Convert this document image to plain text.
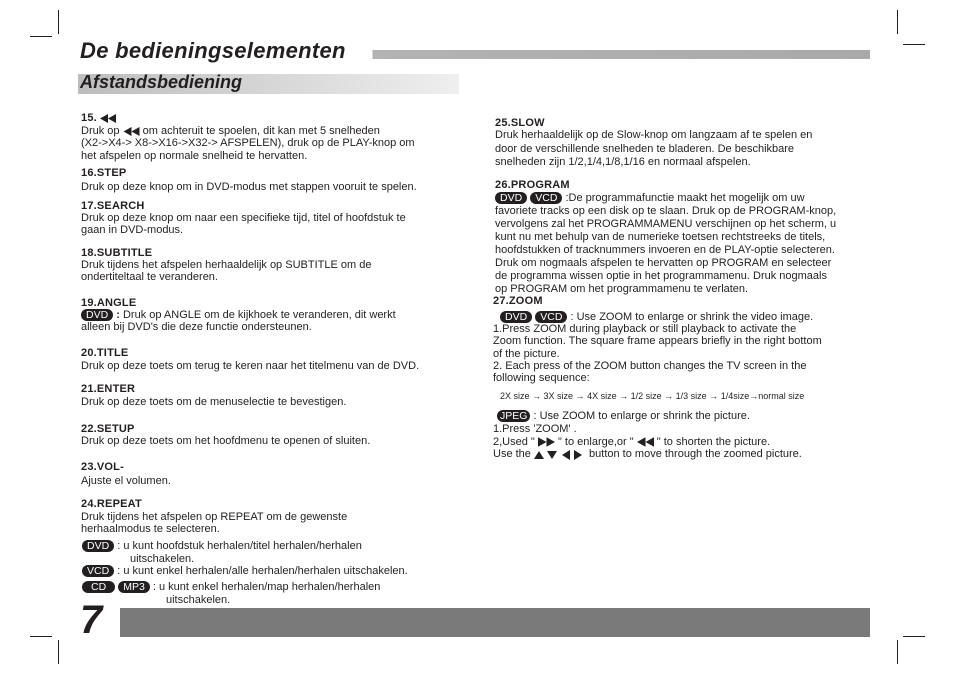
De bedieningselementen
Afstandsbediening
15.
Druk op om achteruit te spoelen, dit kan met 5 snelheden
(X2->X4-> X8->X16->X32-> AFSPELEN), druk op de PLAY-knop om
het afspelen op normale snelheid te hervatten.
16.STEP
Druk op deze knop om in DVD-modus met stappen vooruit te spelen.
17.SEARCH
Druk op deze knop om naar een specifieke tijd, titel of hoofdstuk te
gaan in DVD-modus.
18.SUBTITLE
Druk tijdens het afspelen herhaaldelijk op SUBTITLE om de
ondertiteltaal te veranderen.
19.ANGLE
DVD : Druk op ANGLE om de kijkhoek te veranderen, dit werkt
alleen bij DVD's die deze functie ondersteunen.
20.TITLE
Druk op deze toets om terug te keren naar het titelmenu van de DVD.
21.ENTER
Druk op deze toets om de menuselectie te bevestigen.
22.SETUP
Druk op deze toets om het hoofdmenu te openen of sluiten.
23.VOL-
Ajuste el volumen.
24.REPEAT
Druk tijdens het afspelen op REPEAT om de gewenste
herhaalmodus te selecteren.
DVD : u kunt hoofdstuk herhalen/titel herhalen/herhalen
uitschakelen.
VCD : u kunt enkel herhalen/alle herhalen/herhalen uitschakelen.
CD MP3 : u kunt enkel herhalen/map herhalen/herhalen
uitschakelen.
25.SLOW
Druk herhaaldelijk op de Slow-knop om langzaam af te spelen en
door de verschillende snelheden te bladeren. De beschikbare
snelheden zijn 1/2,1/4,1/8,1/16 en normaal afspelen.
26.PROGRAM
DVD VCD :De programmafunctie maakt het mogelijk om uw
favoriete tracks op een disk op te slaan. Druk op de PROGRAM-knop,
vervolgens zal het PROGRAMMAMENU verschijnen op het scherm, u
kunt nu met behulp van de numerieke toetsen rechtstreeks de titels,
hoofdstukken of tracknummers invoeren en de PLAY-optie selecteren.
Druk om nogmaals afspelen te hervatten op PROGRAM en selecteer
de programma wissen optie in het programmamenu. Druk nogmaals
op PROGRAM om het programmamenu te verlaten.
27.ZOOM
DVD VCD : Use ZOOM to enlarge or shrink the video image.
1.Press ZOOM during playback or still playback to activate the
Zoom function. The square frame appears briefly in the right bottom
of the picture.
2. Each press of the ZOOM button changes the TV screen in the
following sequence:
2X size → 3X size → 4X size → 1/2 size → 1/3 size → 1/4size→normal size
JPEG : Use ZOOM to enlarge or shrink the picture.
1.Press 'ZOOM' .
2,Used " " to enlarge,or " " to shorten the picture.
Use the	button to move through the zoomed picture.
7
